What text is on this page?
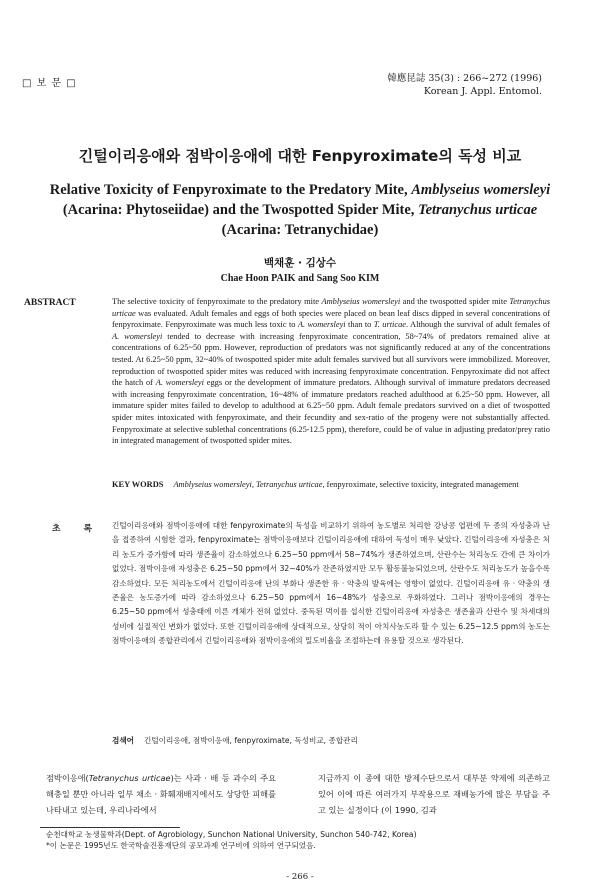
□ 보 문 □	韓應昆誌 35(3) : 266~272 (1996)
Korean J. Appl. Entomol.
긴털이리응애와 점박이응애에 대한 Fenpyroximate의 독성 비교
Relative Toxicity of Fenpyroximate to the Predatory Mite, Amblyseius womersleyi (Acarina: Phytoseiidae) and the Twospotted Spider Mite, Tetranychus urticae (Acarina: Tetranychidae)
백채훈 · 김상수
Chae Hoon PAIK and Sang Soo KIM
ABSTRACT	The selective toxicity of fenpyroximate to the predatory mite Amblyseius womersleyi and the twospotted spider mite Tetranychus urticae was evaluated. Adult females and eggs of both species were placed on bean leaf discs dipped in several concentrations of fenpyroximate. Fenpyroximate was much less toxic to A. womersleyi than to T. urticae. Although the survival of adult females of A. womersleyi tended to decrease with increasing fenpyroximate concentration, 58~74% of predators remained alive at concentrations of 6.25~50 ppm. However, reproduction of predators was not significantly reduced at any of the concentrations tested. At 6.25~50 ppm, 32~40% of twospotted spider mite adult females survived but all survivors were immobilized. Moreover, reproduction of twospotted spider mites was reduced with increasing fenpyroximate concentration. Fenpyroximate did not affect the hatch of A. womersleyi eggs or the development of immature predators. Although survival of immature predators decreased with increasing fenpyroximate concentration, 16~48% of immature predators reached adulthood at 6.25~50 ppm. However, all immature spider mites failed to develop to adulthood at 6.25~50 ppm. Adult female predators survived on a diet of twospotted spider mites intoxicated with fenpyroximate, and their fecundity and sex-ratio of the progeny were not substantially affected. Fenpyroximate at selective sublethal concentrations (6.25-12.5 ppm), therefore, could be of value in adjusting predator/prey ratio in integrated management of twospotted spider mites.
KEY WORDS Amblyseius womersleyi, Tetranychus urticae, fenpyroximate, selective toxicity, integrated management
초 록	긴털이리응애와 점박이응애에 대한 fenpyroximate의 독성을 비교하기 위하여 농도별로 처리한 강낭콩 엽편에 두 종의 자성충과 난을 접종하여 시험한 결과, fenpyroximate는 점박이응애보다 긴털이리응애에 대하여 독성이 매우 낮았다. 긴털이리응애 자성충은 처리 농도가 증가함에 따라 생존율이 감소하였으나 6.25~50 ppm에서 58~74%가 생존하였으며, 산란수는 처리농도 간에 큰 차이가 없었다. 점박이응애 자성충은 6.25~50 ppm에서 32~40%가 잔존하였지만 모두 활동불능되었으며, 산란수도 처리농도가 높을수록 감소하였다. 모든 처리농도에서 긴털이리응애 난의 부화나 생존한 유 · 약충의 발육에는 영향이 없었다. 긴털이리응애 유 · 약충의 생존율은 농도증가에 따라 감소하였으나 6.25~50 ppm에서 16~48%가 성충으로 우화하였다. 그러나 점박이응애의 경우는 6.25~50 ppm에서 성충태에 이른 개체가 전혀 없었다. 중독된 먹이를 섭식한 긴털이리응애 자성충은 생존율과 산란수 및 차세대의 성비에 실질적인 변화가 없었다. 또한 긴털이리응애에 상대적으로, 상당히 적이 아치사농도라 할 수 있는 6.25~12.5 ppm의 농도는 점박이응애의 종합관리에서 긴털이리응애와 점박이응애의 밀도비율을 조절하는데 유용할 것으로 생각된다.
검색어 긴털이리응애, 점박이응애, fenpyroximate, 독성비교, 종합관리
점박이응애(Tetranychus urticae)는 사과 · 배 등 과수의 주요 해충일 뿐만 아니라 일부 채소 · 화훼재배지에서도 상당한 피해를 나타내고 있는데, 우리나라에서
지금까지 이 종에 대한 방제수단으로서 대부분 약제에 의존하고 있어 이에 따른 여러가지 부작용으로 재배농가에 많은 부담을 주고 있는 실정이다 (이 1990, 김과
순천대학교 농생물학과(Dept. of Agrobiology, Sunchon National University, Sunchon 540-742, Korea)
*이 논문은 1995년도 한국학술진흥재단의 공모과제 연구비에 의하여 연구되었음.
- 266 -
